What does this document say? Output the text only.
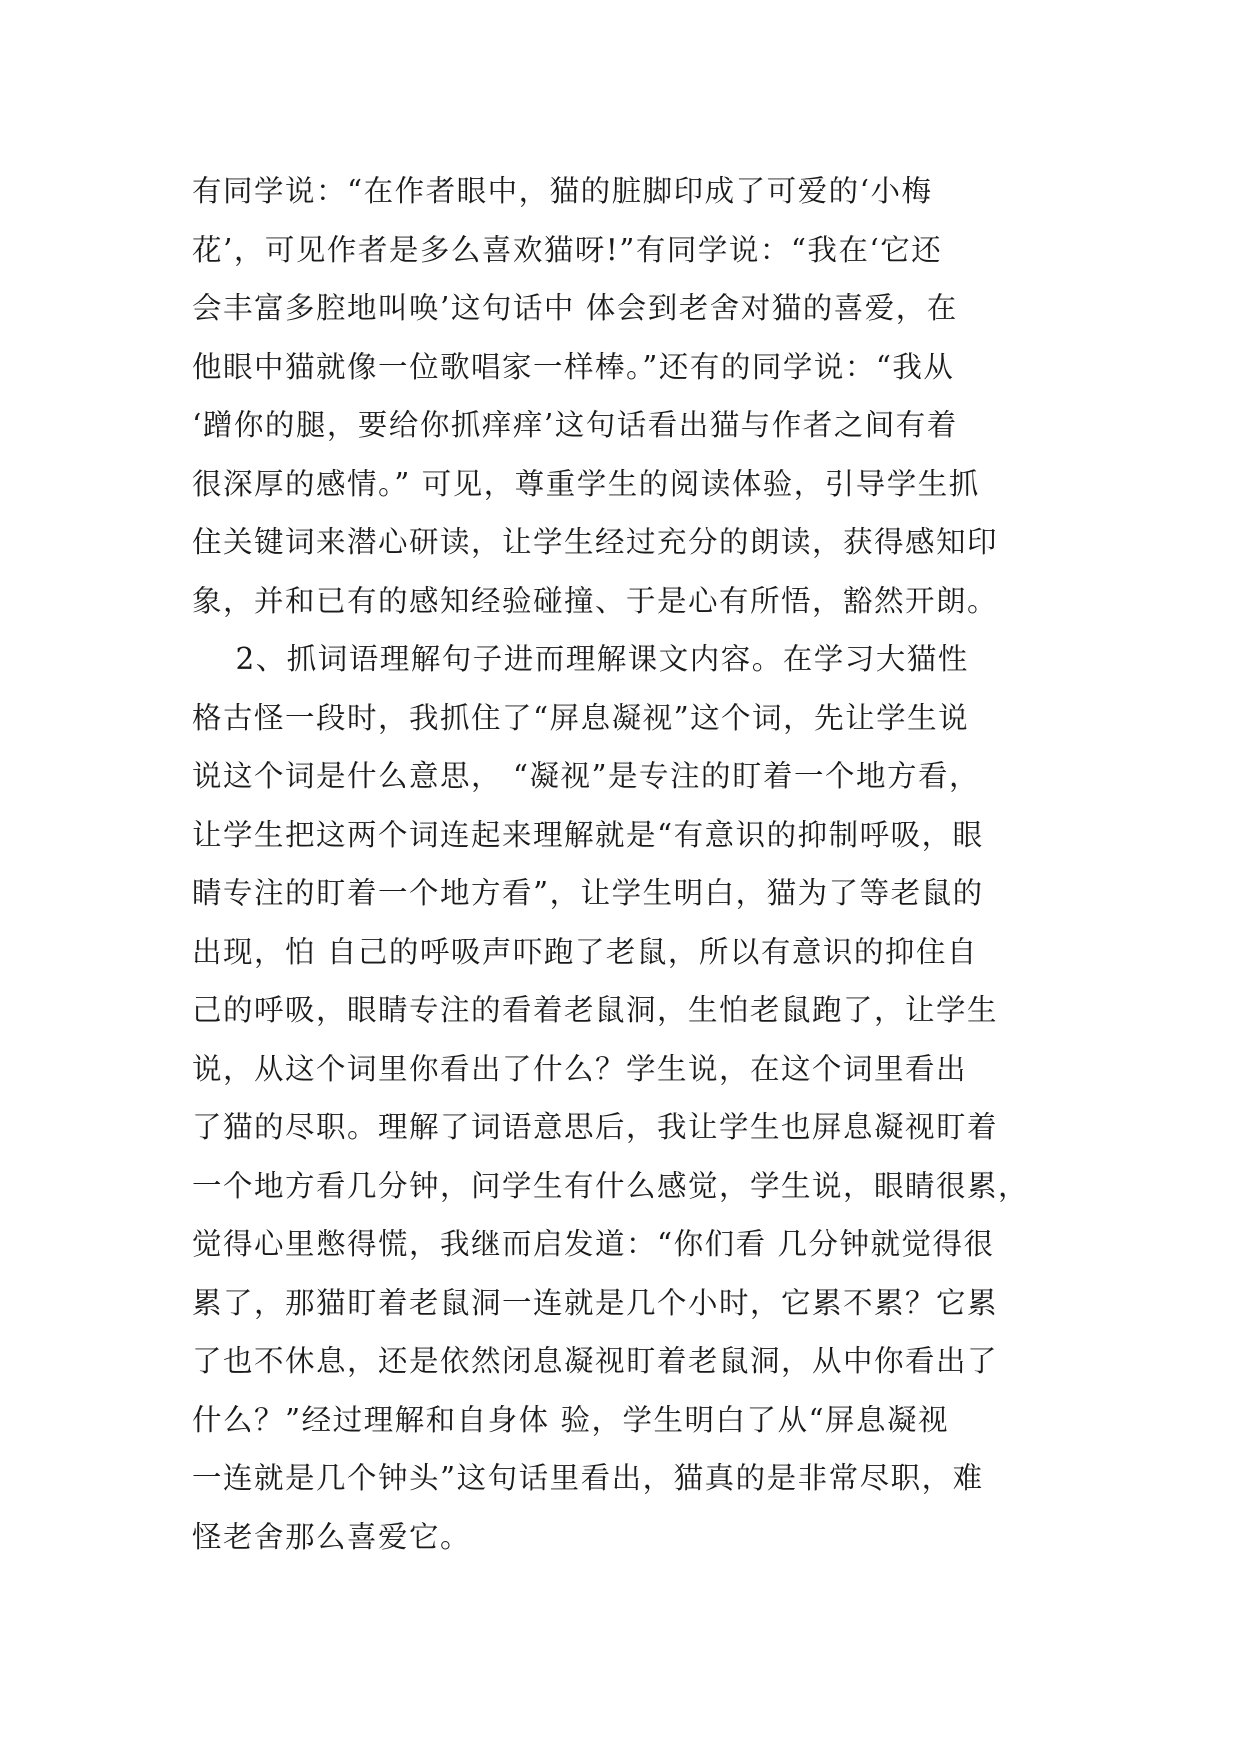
有同学说：“在作者眼中，猫的脏脚印成了可爱的‘小梅
花’，可见作者是多么喜欢猫呀!”有同学说：“我在‘它还
会丰富多腔地叫唤’这句话中 体会到老舍对猫的喜爱，在
他眼中猫就像一位歌唱家一样棒。”还有的同学说：“我从
‘蹭你的腿，要给你抓痒痒’这句话看出猫与作者之间有着
很深厚的感情。” 可见，尊重学生的阅读体验，引导学生抓
住关键词来潜心研读，让学生经过充分的朗读，获得感知印
象，并和已有的感知经验碰撞、于是心有所悟，豁然开朗。
2、抓词语理解句子进而理解课文内容。在学习大猫性
格古怪一段时，我抓住了“屏息凝视”这个词，先让学生说
说这个词是什么意思， “凝视”是专注的盯着一个地方看，
让学生把这两个词连起来理解就是“有意识的抑制呼吸，眼
睛专注的盯着一个地方看”，让学生明白，猫为了等老鼠的
出现，怕 自己的呼吸声吓跑了老鼠，所以有意识的抑住自
己的呼吸，眼睛专注的看着老鼠洞，生怕老鼠跑了，让学生
说，从这个词里你看出了什么？学生说，在这个词里看出
了猫的尽职。理解了词语意思后，我让学生也屏息凝视盯着
一个地方看几分钟，问学生有什么感觉，学生说，眼睛很累，
觉得心里憋得慌，我继而启发道：“你们看 几分钟就觉得很
累了，那猫盯着老鼠洞一连就是几个小时，它累不累？它累
了也不休息，还是依然闭息凝视盯着老鼠洞，从中你看出了
什么？”经过理解和自身体 验，学生明白了从“屏息凝视
一连就是几个钟头”这句话里看出，猫真的是非常尽职，难
怪老舍那么喜爱它。
